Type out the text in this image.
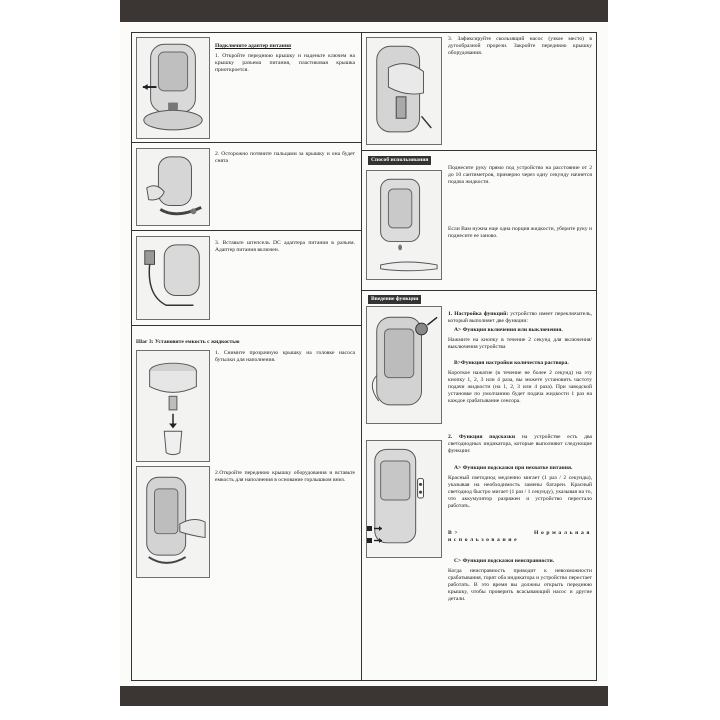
Подключите адаптер питания
1. Откройте переднюю крышку и наденьте ключем на крышку разъема питания, пластиковая крышка приоткроется.
2. Осторожно потяните пальцами за крышку и она будет снята
3. Вставьте штепсель DC адаптера питания в разъем. Адаптер питания включен.
Шаг 3: Установите емкость с жидкостью
1. Снимите прозрачную крышку на головке насоса бутылки для наполнения.
2.Откройте переднюю крышку оборудования и вставьте емкость для наполнения в основание горлышком вниз.
3. Зафиксируйте скользящий насос (узкое место) в дугообразной прорези. Закройте переднюю крышку оборудования.
Способ использования
Поднесите руку прямо под устройство на расстояние от 2 до 10 сантиметров, примерно через одну секунду начнется подача жидкости.
Если Вам нужна еще одна порция жидкости, уберите руку и поднесите ее заново.
Введение функции
1. Настройка функций: устройство имеет переключатель, который выполняет две функции:
А> Функция включения или выключения.
Нажмите на кнопку в течение 2 секунд для включения/выключения устройства
В>Функция настройки количества раствора.
Короткое нажатие (в течение не более 2 секунд) на эту кнопку 1, 2, 3 или 4 раза, вы можете установить частоту подачи жидкости (на 1, 2, 3 или 4 раза). При заводской установке по умолчанию будет подача жидкости 1 раз на каждое срабатывание сенсора.
2. Функция подсказки на устройстве есть два светодиодных индикатора, которые выполняют следующие функции:
А> Функция подсказки при нехватке питания.
Красный светодиод медленно мигает (1 раз / 2 секунды), указывая на необходимость замены батареи. Красный светодиод быстро мигает (1 раз / 1 секунду), указывая на то, что аккумулятор разряжен и устройство перестало работать.
В> Нормальная использование
С> Функция подсказки неисправности.
Когда неисправность приводит к невозможности срабатывания, горят оба индикатора и устройство перестает работать. В это время вы должны открыть переднюю крышку, чтобы проверить всасывающий насос и другие детали.
